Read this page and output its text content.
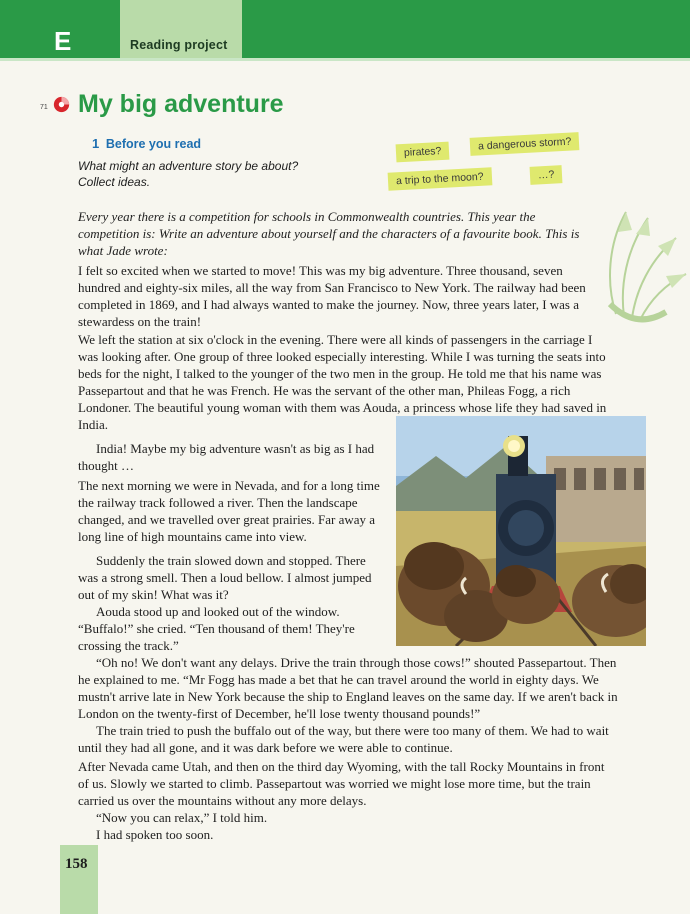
E	Reading project
71 My big adventure
1 Before you read
What might an adventure story be about?
Collect ideas.
pirates?	a dangerous storm?
a trip to the moon?	…?

Every year there is a competition for schools in Commonwealth countries. This year the competition is: Write an adventure about yourself and the characters of a favourite book. This is what Jade wrote:

I felt so excited when we started to move! This was my big adventure. Three thousand, seven hundred and eighty-six miles, all the way from San Francisco to New York. The railway had been completed in 1869, and I had always wanted to make the journey. Now, three years later, I was a stewardess on the train!

We left the station at six o'clock in the evening. There were all kinds of passengers in the carriage I was looking after. One group of three looked especially interesting. While I was turning the seats into beds for the night, I talked to the younger of the two men in the group. He told me that his name was Passepartout and that he was French. He was the servant of the other man, Phileas Fogg, a rich Londoner. The beautiful young woman with them was Aouda, a princess whose life they had saved in India.

India! Maybe my big adventure wasn't as big as I had thought …

The next morning we were in Nevada, and for a long time the railway track followed a river. Then the landscape changed, and we travelled over great prairies. Far away a long line of high mountains came into view.

Suddenly the train slowed down and stopped. There was a strong smell. Then a loud bellow. I almost jumped out of my skin! What was it?

Aouda stood up and looked out of the window. “Buffalo!” she cried. “Ten thousand of them! They're crossing the track.”

“Oh no! We don't want any delays. Drive the train through those cows!” shouted Passepartout. Then he explained to me. “Mr Fogg has made a bet that he can travel around the world in eighty days. We mustn't arrive late in New York because the ship to England leaves on the same day. If we aren't back in London on the twenty-first of December, he'll lose twenty thousand pounds!”

The train tried to push the buffalo out of the way, but there were too many of them. We had to wait until they had all gone, and it was dark before we were able to continue.

After Nevada came Utah, and then on the third day Wyoming, with the tall Rocky Mountains in front of us. Slowly we started to climb. Passepartout was worried we might lose more time, but the train carried us over the mountains without any more delays.

“Now you can relax,” I told him.

I had spoken too soon.

158
